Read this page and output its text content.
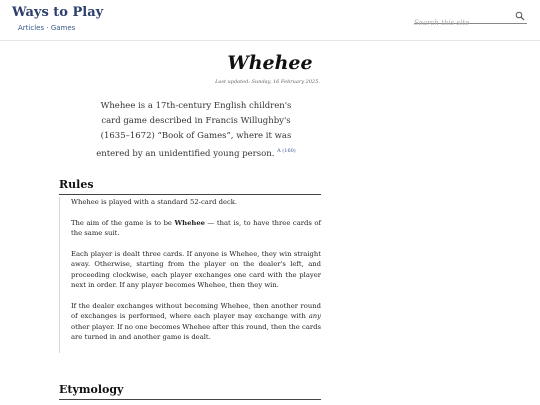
Ways to Play
Articles · Games
Search this site
Whehee
Last updated: Sunday, 16 February 2025.

Whehee is a 17th-century English children's card game described in Francis Willughby's (1635–1672) “Book of Games”, where it was entered by an unidentified young person. $^{A (160)}$

Rules

Whehee is played with a standard 52-card deck.

The aim of the game is to be Whehee — that is, to have three cards of the same suit.

Each player is dealt three cards. If anyone is Whehee, they win straight away. Otherwise, starting from the player on the dealer's left, and proceeding clockwise, each player exchanges one card with the player next in order. If any player becomes Whehee, then they win.

If the dealer exchanges without becoming Whehee, then another round of exchanges is performed, where each player may exchange with any other player. If no one becomes Whehee after this round, then the cards are turned in and another game is dealt.

Etymology
